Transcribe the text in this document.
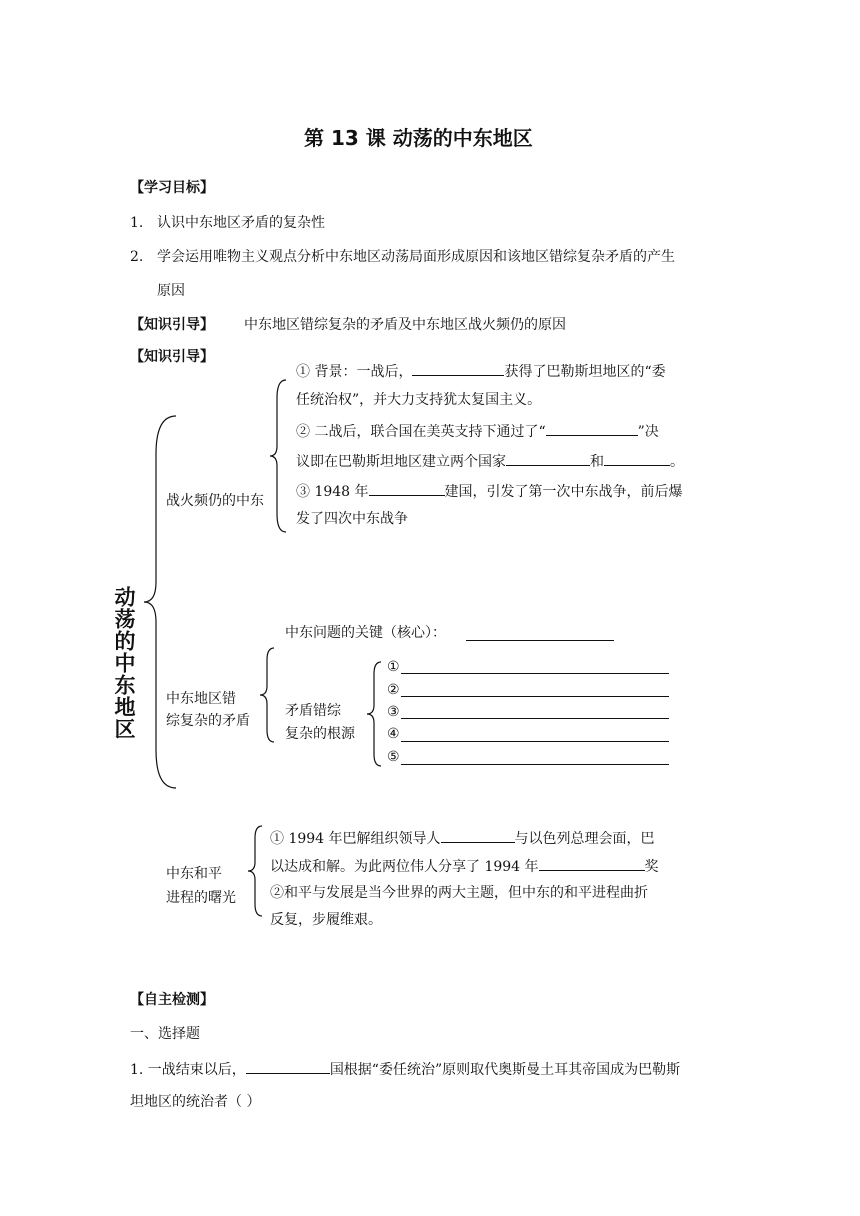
第 13 课 动荡的中东地区
【学习目标】
1. 认识中东地区矛盾的复杂性
2. 学会运用唯物主义观点分析中东地区动荡局面形成原因和该地区错综复杂矛盾的产生
原因
【知识引导】 中东地区错综复杂的矛盾及中东地区战火频仍的原因
【知识引导】
动荡的中东地区
战火频仍的中东
① 背景：一战后，	获得了巴勒斯坦地区的“委
任统治权”，并大力支持犹太复国主义。
② 二战后，联合国在美英支持下通过了“	”决
议即在巴勒斯坦地区建立两个国家	和	。
③ 1948 年	建国，引发了第一次中东战争，前后爆
发了四次中东战争
中东问题的关键（核心）：
中东地区错
综复杂的矛盾
矛盾错综
复杂的根源
①
②
③
④
⑤
中东和平
进程的曙光
① 1994 年巴解组织领导人	与以色列总理会面，巴
以达成和解。为此两位伟人分享了 1994 年	奖
②和平与发展是当今世界的两大主题，但中东的和平进程曲折
反复，步履维艰。
【自主检测】
一、选择题
1. 一战结束以后，	国根据“委任统治”原则取代奥斯曼土耳其帝国成为巴勒斯
坦地区的统治者（ ）
